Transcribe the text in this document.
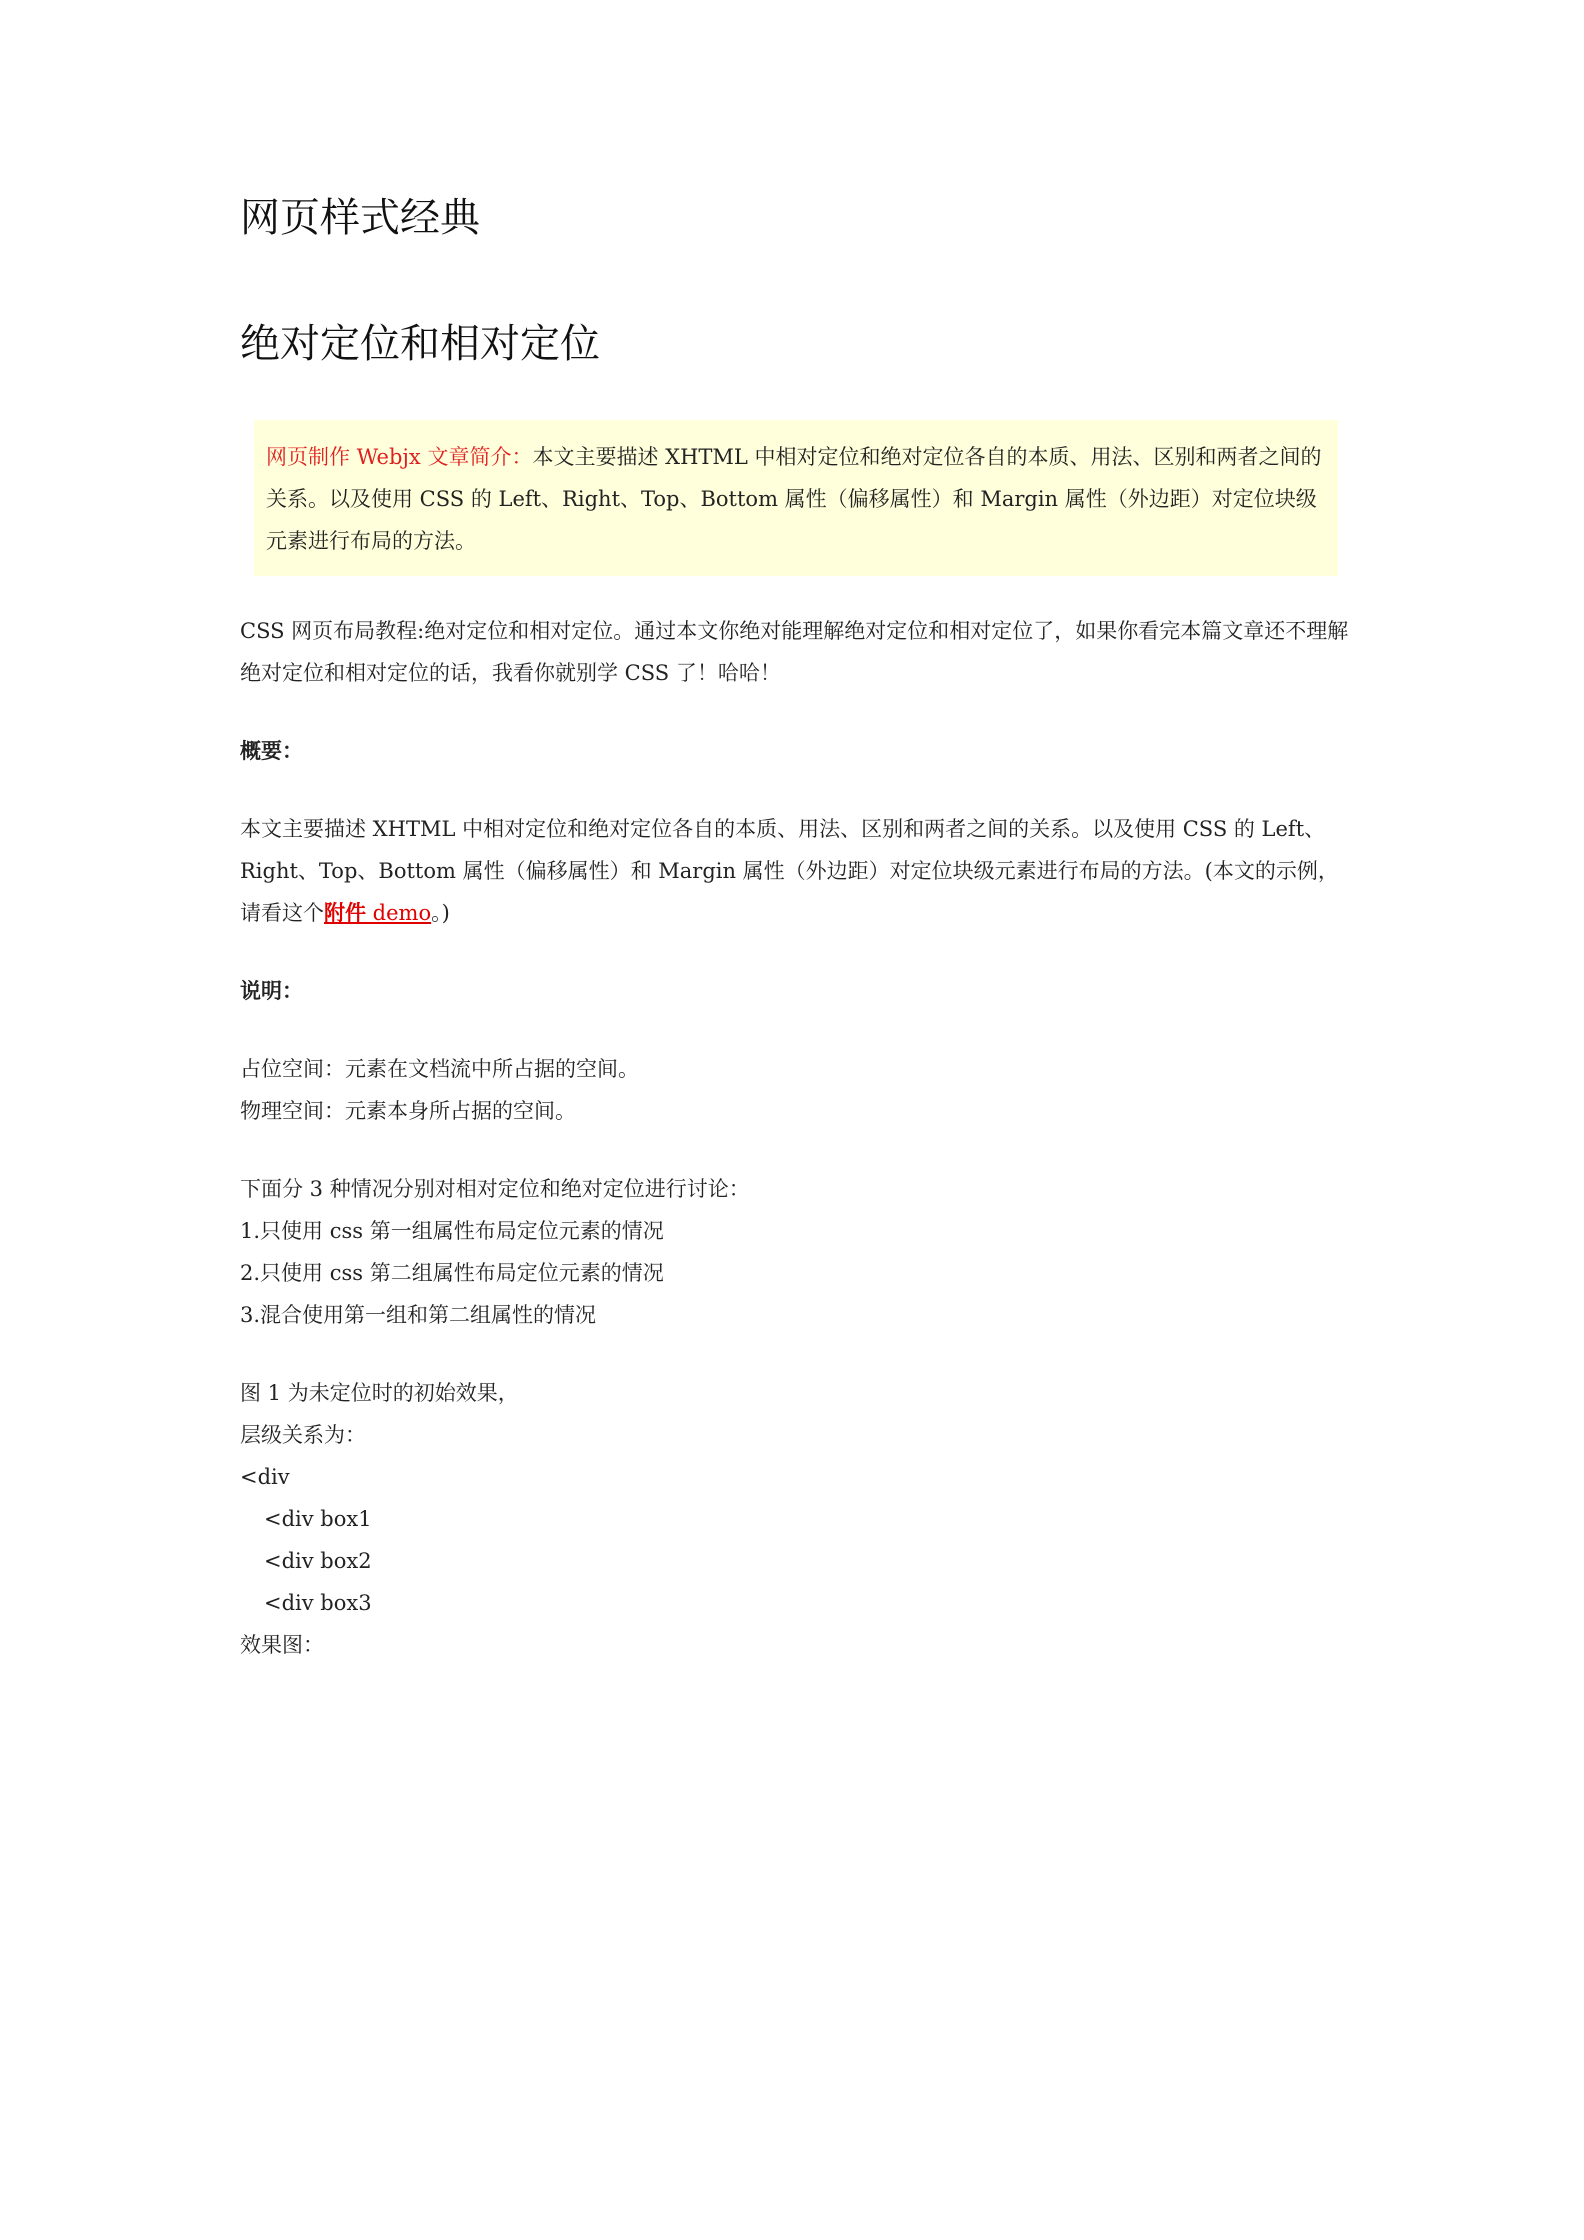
网页样式经典
绝对定位和相对定位
网页制作 Webjx 文章简介：本文主要描述 XHTML 中相对定位和绝对定位各自的本质、用法、区别和两者之间的关系。以及使用 CSS 的 Left、Right、Top、Bottom 属性（偏移属性）和 Margin 属性（外边距）对定位块级元素进行布局的方法。

CSS 网页布局教程:绝对定位和相对定位。通过本文你绝对能理解绝对定位和相对定位了，如果你看完本篇文章还不理解绝对定位和相对定位的话，我看你就别学 CSS 了！哈哈！

概要：

本文主要描述 XHTML 中相对定位和绝对定位各自的本质、用法、区别和两者之间的关系。以及使用 CSS 的 Left、Right、Top、Bottom 属性（偏移属性）和 Margin 属性（外边距）对定位块级元素进行布局的方法。(本文的示例，请看这个附件 demo。)

说明：

占位空间：元素在文档流中所占据的空间。

物理空间：元素本身所占据的空间。

下面分 3 种情况分别对相对定位和绝对定位进行讨论：

1.只使用 css 第一组属性布局定位元素的情况

2.只使用 css 第二组属性布局定位元素的情况

3.混合使用第一组和第二组属性的情况

图 1 为未定位时的初始效果，

层级关系为：

<div

<div box1

<div box2

<div box3

效果图：
